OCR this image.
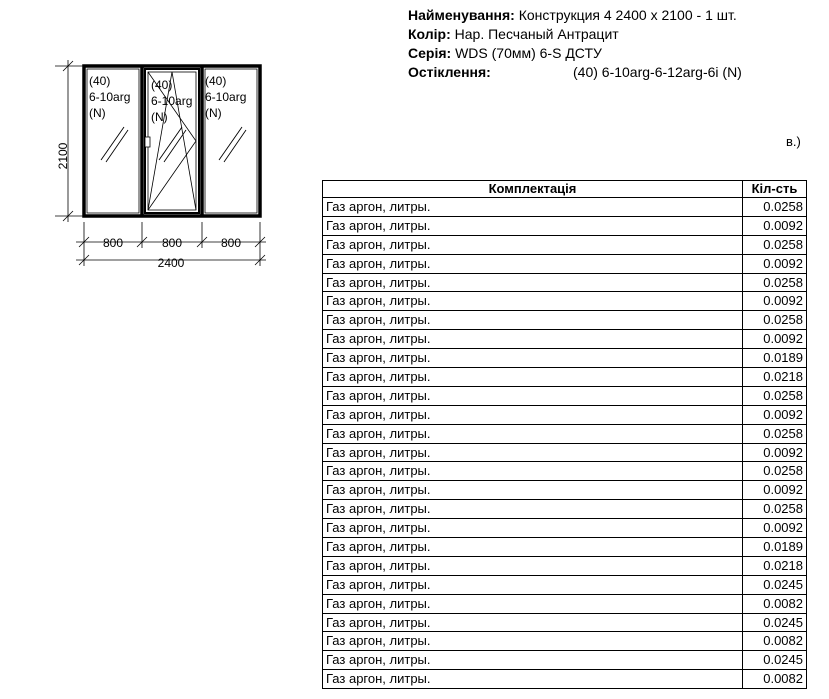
2100
(40)
6-10arg
(N)
(40)
6-10arg
(N)
(40)
6-10arg
(N)
800	800	800
2400
Найменування: Конструкция 4 2400 х 2100 - 1 шт.
Колір: Нар. Песчаный Антрацит
Серія: WDS (70мм) 6-S ДСТУ
Остіклення:	(40) 6-10arg-6-12arg-6i (N)
в.)
Комплектація	Кіл-сть
Газ аргон, литры.	0.0258
Газ аргон, литры.	0.0092
Газ аргон, литры.	0.0258
Газ аргон, литры.	0.0092
Газ аргон, литры.	0.0258
Газ аргон, литры.	0.0092
Газ аргон, литры.	0.0258
Газ аргон, литры.	0.0092
Газ аргон, литры.	0.0189
Газ аргон, литры.	0.0218
Газ аргон, литры.	0.0258
Газ аргон, литры.	0.0092
Газ аргон, литры.	0.0258
Газ аргон, литры.	0.0092
Газ аргон, литры.	0.0258
Газ аргон, литры.	0.0092
Газ аргон, литры.	0.0258
Газ аргон, литры.	0.0092
Газ аргон, литры.	0.0189
Газ аргон, литры.	0.0218
Газ аргон, литры.	0.0245
Газ аргон, литры.	0.0082
Газ аргон, литры.	0.0245
Газ аргон, литры.	0.0082
Газ аргон, литры.	0.0245
Газ аргон, литры.	0.0082
